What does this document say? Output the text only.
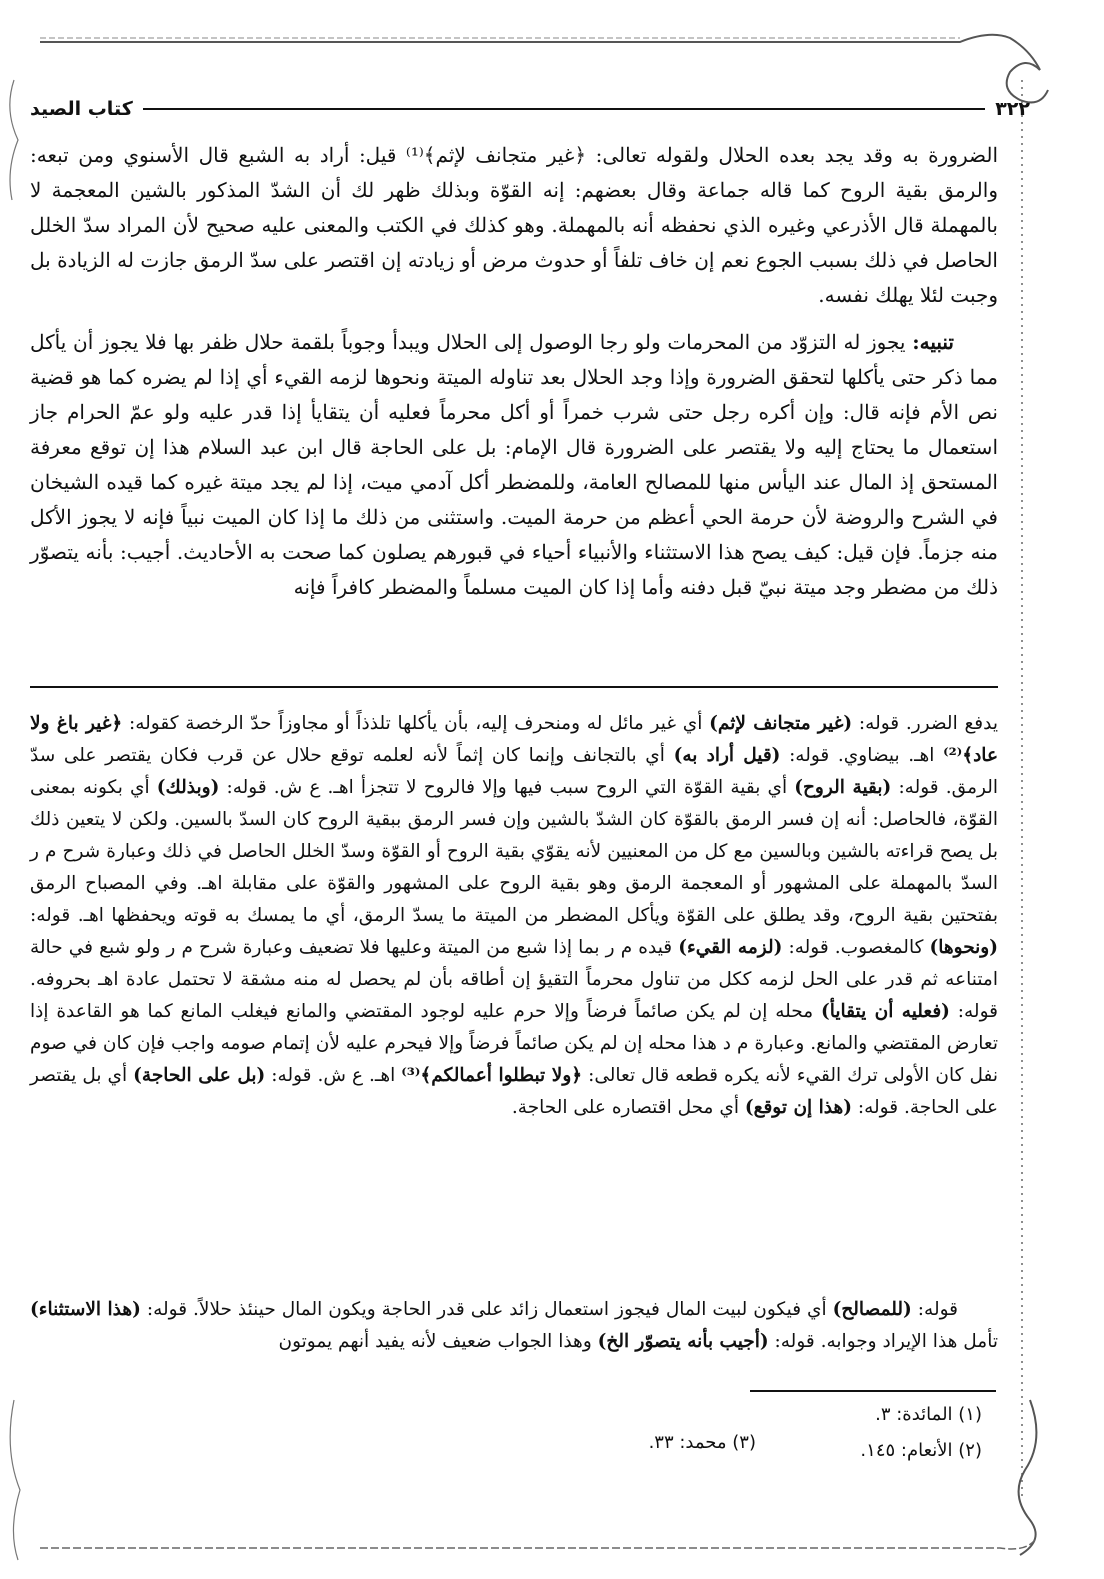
٣٢٢
كتاب الصيد

الضرورة به وقد يجد بعده الحلال ولقوله تعالى: ﴿غير متجانف لإثم﴾⁽¹⁾ قيل: أراد به الشبع قال الأسنوي ومن تبعه: والرمق بقية الروح كما قاله جماعة وقال بعضهم: إنه القوّة وبذلك ظهر لك أن الشدّ المذكور بالشين المعجمة لا بالمهملة قال الأذرعي وغيره الذي نحفظه أنه بالمهملة. وهو كذلك في الكتب والمعنى عليه صحيح لأن المراد سدّ الخلل الحاصل في ذلك بسبب الجوع نعم إن خاف تلفاً أو حدوث مرض أو زيادته إن اقتصر على سدّ الرمق جازت له الزيادة بل وجبت لئلا يهلك نفسه.

تنبيه: يجوز له التزوّد من المحرمات ولو رجا الوصول إلى الحلال ويبدأ وجوباً بلقمة حلال ظفر بها فلا يجوز أن يأكل مما ذكر حتى يأكلها لتحقق الضرورة وإذا وجد الحلال بعد تناوله الميتة ونحوها لزمه القيء أي إذا لم يضره كما هو قضية نص الأم فإنه قال: وإن أكره رجل حتى شرب خمراً أو أكل محرماً فعليه أن يتقايأ إذا قدر عليه ولو عمّ الحرام جاز استعمال ما يحتاج إليه ولا يقتصر على الضرورة قال الإمام: بل على الحاجة قال ابن عبد السلام هذا إن توقع معرفة المستحق إذ المال عند اليأس منها للمصالح العامة، وللمضطر أكل آدمي ميت، إذا لم يجد ميتة غيره كما قيده الشيخان في الشرح والروضة لأن حرمة الحي أعظم من حرمة الميت. واستثنى من ذلك ما إذا كان الميت نبياً فإنه لا يجوز الأكل منه جزماً. فإن قيل: كيف يصح هذا الاستثناء والأنبياء أحياء في قبورهم يصلون كما صحت به الأحاديث. أجيب: بأنه يتصوّر ذلك من مضطر وجد ميتة نبيّ قبل دفنه وأما إذا كان الميت مسلماً والمضطر كافراً فإنه

يدفع الضرر. قوله: (غير متجانف لإثم) أي غير مائل له ومنحرف إليه، بأن يأكلها تلذذاً أو مجاوزاً حدّ الرخصة كقوله: ﴿غير باغ ولا عاد﴾⁽²⁾ اهـ. بيضاوي. قوله: (قيل أراد به) أي بالتجانف وإنما كان إثماً لأنه لعلمه توقع حلال عن قرب فكان يقتصر على سدّ الرمق. قوله: (بقية الروح) أي بقية القوّة التي الروح سبب فيها وإلا فالروح لا تتجزأ اهـ. ع ش. قوله: (وبذلك) أي بكونه بمعنى القوّة، فالحاصل: أنه إن فسر الرمق بالقوّة كان الشدّ بالشين وإن فسر الرمق ببقية الروح كان السدّ بالسين. ولكن لا يتعين ذلك بل يصح قراءته بالشين وبالسين مع كل من المعنيين لأنه يقوّي بقية الروح أو القوّة وسدّ الخلل الحاصل في ذلك وعبارة شرح م ر السدّ بالمهملة على المشهور أو المعجمة الرمق وهو بقية الروح على المشهور والقوّة على مقابلة اهـ. وفي المصباح الرمق بفتحتين بقية الروح، وقد يطلق على القوّة ويأكل المضطر من الميتة ما يسدّ الرمق، أي ما يمسك به قوته ويحفظها اهـ. قوله: (ونحوها) كالمغصوب. قوله: (لزمه القيء) قيده م ر بما إذا شبع من الميتة وعليها فلا تضعيف وعبارة شرح م ر ولو شبع في حالة امتناعه ثم قدر على الحل لزمه ككل من تناول محرماً التقيؤ إن أطاقه بأن لم يحصل له منه مشقة لا تحتمل عادة اهـ بحروفه. قوله: (فعليه أن يتقايأ) محله إن لم يكن صائماً فرضاً وإلا حرم عليه لوجود المقتضي والمانع فيغلب المانع كما هو القاعدة إذا تعارض المقتضي والمانع. وعبارة م د هذا محله إن لم يكن صائماً فرضاً وإلا فيحرم عليه لأن إتمام صومه واجب فإن كان في صوم نفل كان الأولى ترك القيء لأنه يكره قطعه قال تعالى: ﴿ولا تبطلوا أعمالكم﴾⁽³⁾ اهـ. ع ش. قوله: (بل على الحاجة) أي بل يقتصر على الحاجة. قوله: (هذا إن توقع) أي محل اقتصاره على الحاجة.

قوله: (للمصالح) أي فيكون لبيت المال فيجوز استعمال زائد على قدر الحاجة ويكون المال حينئذ حلالاً. قوله: (هذا الاستثناء) تأمل هذا الإيراد وجوابه. قوله: (أجيب بأنه يتصوّر الخ) وهذا الجواب ضعيف لأنه يفيد أنهم يموتون

(١) المائدة: ٣.
(٢) الأنعام: ١٤٥.
(٣) محمد: ٣٣.
